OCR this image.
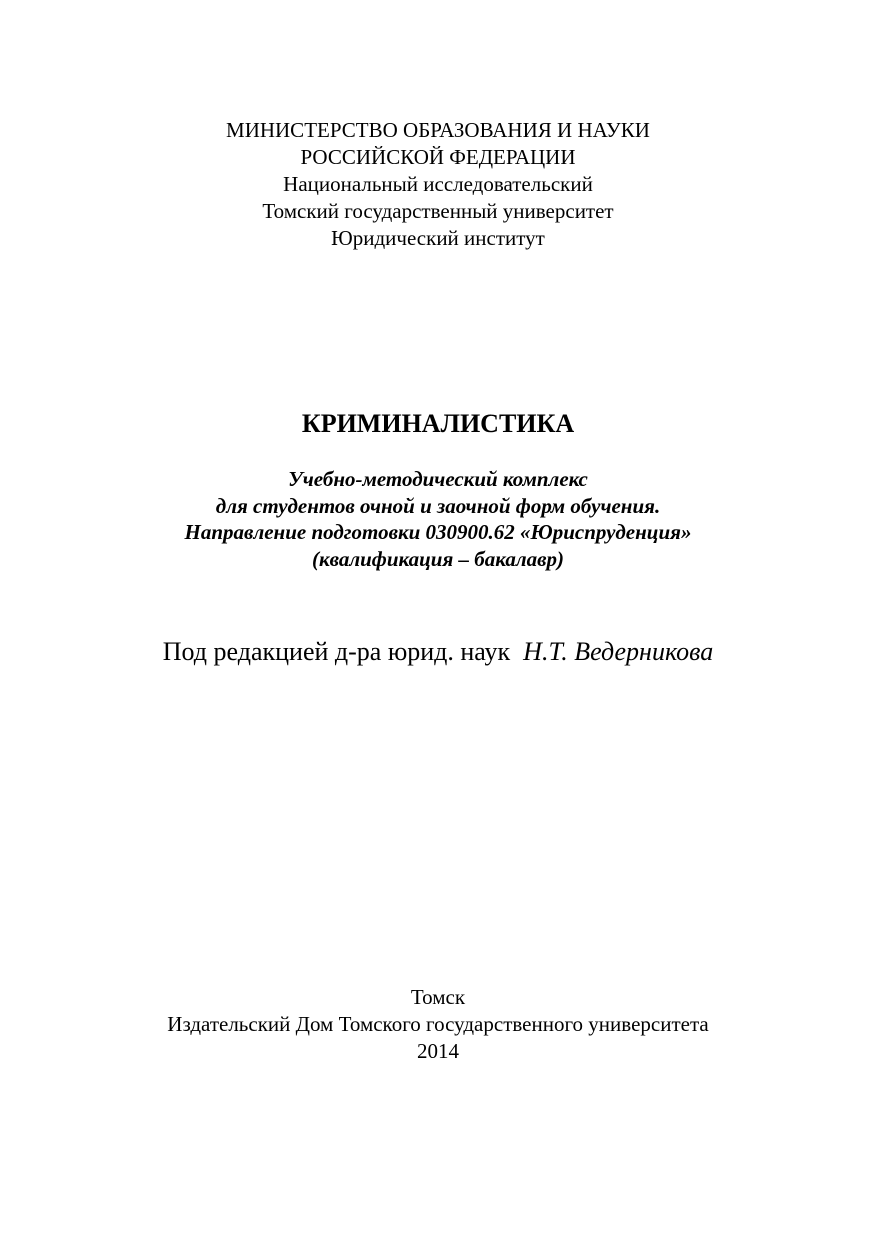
МИНИСТЕРСТВО ОБРАЗОВАНИЯ И НАУКИ
РОССИЙСКОЙ ФЕДЕРАЦИИ
Национальный исследовательский
Томский государственный университет
Юридический институт
КРИМИНАЛИСТИКА
Учебно-методический комплекс
для студентов очной и заочной форм обучения.
Направление подготовки 030900.62 «Юриспруденция»
(квалификация – бакалавр)
Под редакцией д-ра юрид. наук Н.Т. Ведерникова
Томск
Издательский Дом Томского государственного университета
2014
